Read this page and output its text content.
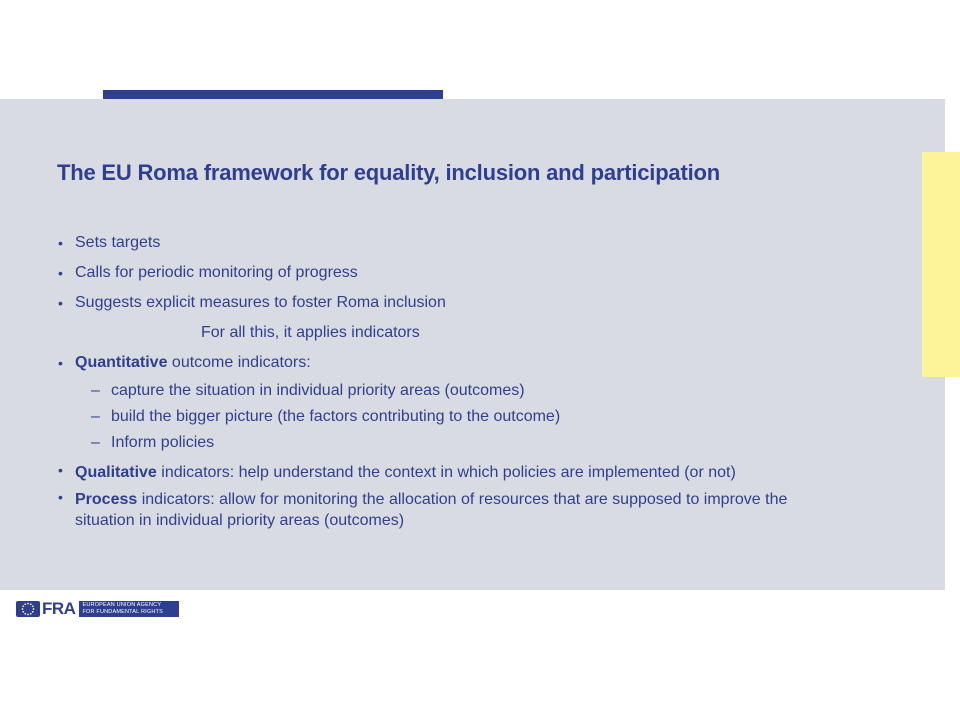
The EU Roma framework for equality, inclusion and participation
• Sets targets
• Calls for periodic monitoring of progress
• Suggests explicit measures to foster Roma inclusion
For all this, it applies indicators
• Quantitative outcome indicators:
– capture the situation in individual priority areas (outcomes)
– build the bigger picture (the factors contributing to the outcome)
– Inform policies
• Qualitative indicators: help understand the context in which policies are implemented (or not)
• Process indicators: allow for monitoring the allocation of resources that are supposed to improve the situation in individual priority areas (outcomes)
FRA EUROPEAN UNION AGENCY
FOR FUNDAMENTAL RIGHTS
